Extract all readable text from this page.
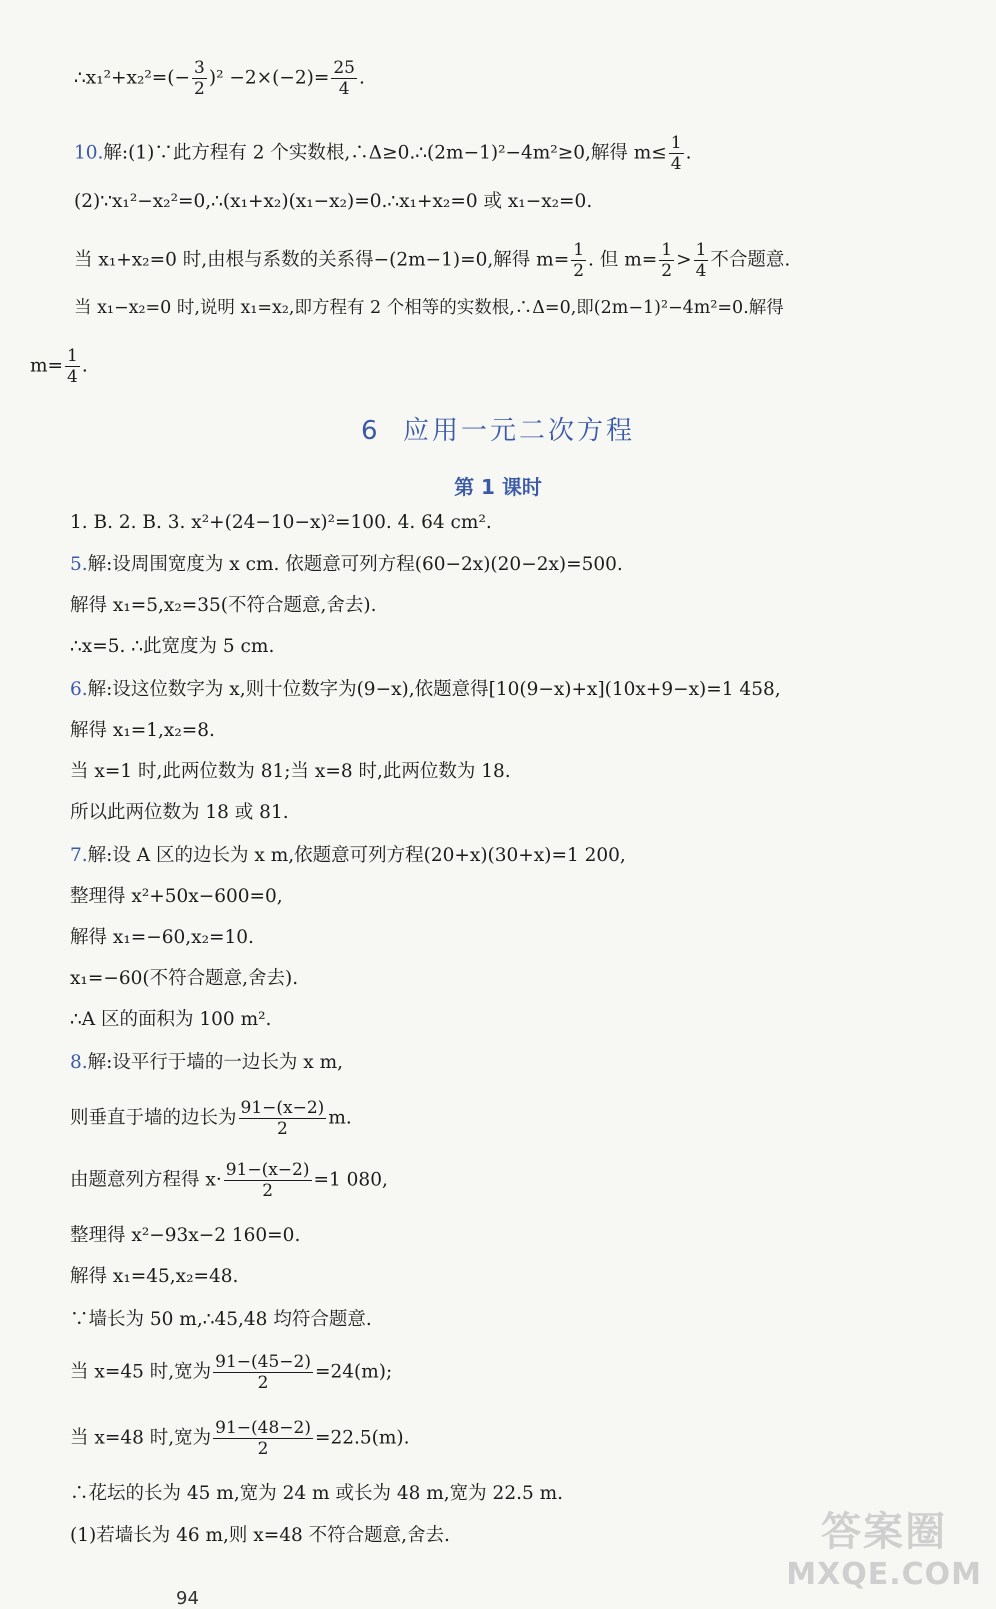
∴x₁²+x₂²=(− $\frac{3}{2} )^2 -2\times(-2)= \frac{25}{4}$ .
10.解:(1)∵此方程有 2 个实数根,∴Δ≥0.∴(2m−1)²−4m²≥0,解得 $m\le \frac{1}{4}$ .
(2)∵x₁²−x₂²=0,∴(x₁+x₂)(x₁−x₂)=0.∴x₁+x₂=0 或 x₁−x₂=0.
当 x₁+x₂=0 时,由根与系数的关系得−(2m−1)=0,解得 $m= \frac{1}{2}$ . 但 $m= \frac{1}{2} > \frac{1}{4}$ 不合题意.
当 x₁−x₂=0 时,说明 x₁=x₂,即方程有 2 个相等的实数根,∴Δ=0,即(2m−1)²−4m²=0.解得
$m= \frac{1}{4}$ .
6 应用一元二次方程
第 1 课时
1. B. 2. B. 3. x²+(24−10−x)²=100. 4. 64 cm².
5.解:设周围宽度为 x cm. 依题意可列方程(60−2x)(20−2x)=500.
解得 x₁=5,x₂=35(不符合题意,舍去).
∴x=5. ∴此宽度为 5 cm.
6.解:设这位数字为 x,则十位数字为(9−x),依题意得[10(9−x)+x](10x+9−x)=1 458,
解得 x₁=1,x₂=8.
当 x=1 时,此两位数为 81;当 x=8 时,此两位数为 18.
所以此两位数为 18 或 81.
7.解:设 A 区的边长为 x m,依题意可列方程(20+x)(30+x)=1 200,
整理得 x²+50x−600=0,
解得 x₁=−60,x₂=10.
x₁=−60(不符合题意,舍去).
∴A 区的面积为 100 m².
8.解:设平行于墙的一边长为 x m,
则垂直于墙的边长为 $\frac{91-(x-2)}{2} m$.
由题意列方程得 $x\cdot \frac{91-(x-2)}{2} =1$ 080,
整理得 x²−93x−2 160=0.
解得 x₁=45,x₂=48.
∵墙长为 50 m,∴45,48 均符合题意.
当 x=45 时,宽为 $\frac{91-(45-2)}{2} =24(m)$;
当 x=48 时,宽为 $\frac{91-(48-2)}{2} =22.5(m)$.
∴花坛的长为 45 m,宽为 24 m 或长为 48 m,宽为 22.5 m.
(1)若墙长为 46 m,则 x=48 不符合题意,舍去.
94
答案圈
MXQE.COM
